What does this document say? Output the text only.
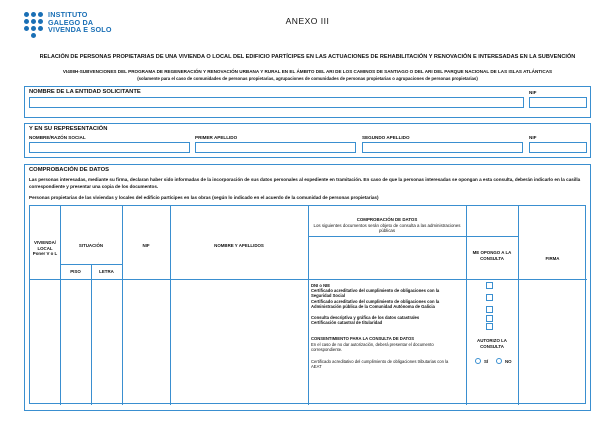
INSTITUTO
GALEGO DA
VIVENDA E SOLO
ANEXO III
RELACIÓN DE PERSONAS PROPIETARIAS DE UNA VIVIENDA O LOCAL DEL EDIFICIO PARTÍCIPES EN LAS ACTUACIONES DE REHABILITACIÓN Y RENOVACIÓN E INTERESADAS EN LA SUBVENCIÓN
VI408H-SUBVENCIONES DEL PROGRAMA DE REGENERACIÓN Y RENOVACIÓN URBANA Y RURAL EN EL ÁMBITO DEL ARI DE LOS CAMINOS DE SANTIAGO O DEL ARI DEL PARQUE NACIONAL DE LAS ISLAS ATLÁNTICAS
(solamente para el caso de comunidades de personas propietarias, agrupaciones de comunidades de personas propietarias o agrupaciones de personas propietarias)
NOMBRE DE LA ENTIDAD SOLICITANTE	NIF
Y EN SU REPRESENTACIÓN
NOMBRE/RAZÓN SOCIAL	PRIMER APELLIDO	SEGUNDO APELLIDO	NIF
COMPROBACIÓN DE DATOS
Las personas interesadas, mediante su firma, declaran haber sido informadas de la incorporación de sus datos personales al expediente en tramitación. En caso de que la personas interesadas se opongan a esta consulta, deberán indicarlo en la casilla correspondiente y presentar una copia de los documentos.
Personas propietarias de las viviendas y locales del edificio partícipes en las obras (según lo indicado en el acuerdo de la comunidad de personas propietarias)
VIVIENDA/ LOCAL
Poner V o L
SITUACIÓN
PISO	LETRA
NIF	NOMBRE Y APELLIDOS
COMPROBACIÓN DE DATOS
Los siguientes documentos serán objeto de consulta a las administraciones públicas
ME OPONGO A LA CONSULTA	FIRMA
DNI o NIE
Certificado acreditativo del cumplimiento de obligaciones con la Seguridad Social
Certificado acreditativo del cumplimiento de obligaciones con la Administración pública de la Comunidad Autónoma de Galicia
Consulta descriptiva y gráfica de los datos catastrales
Certificación catastral de titularidad
CONSENTIMIENTO PARA LA CONSULTA DE DATOS
En el caso de no dar autorización, deberá presentar el documento correspondiente.
Certificado acreditativo del cumplimiento de obligaciones tributarias con la AEAT
AUTORIZO LA CONSULTA
SÍ	NO
